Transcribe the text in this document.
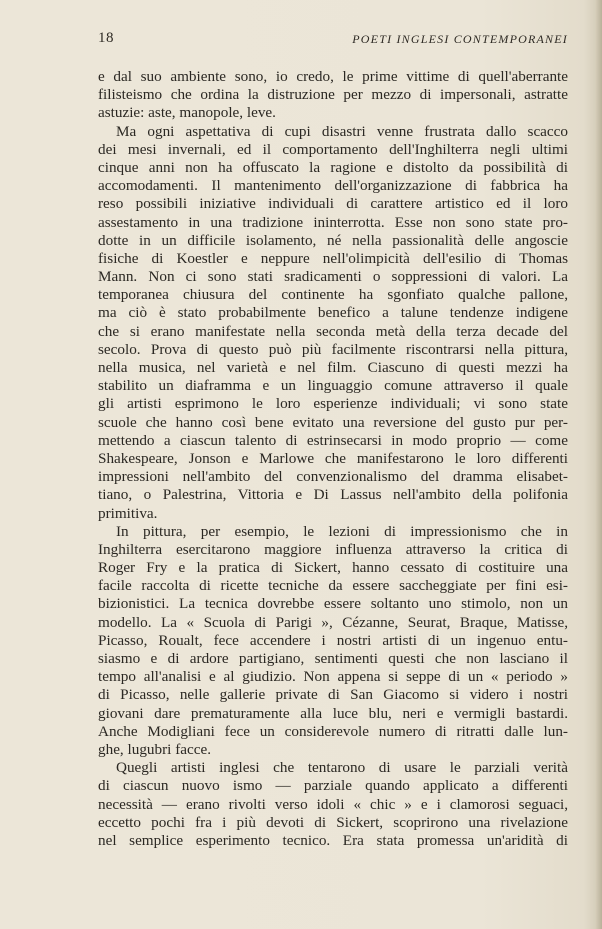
18	POETI INGLESI CONTEMPORANEI
e dal suo ambiente sono, io credo, le prime vittime di quell'aberrante
filisteismo che ordina la distruzione per mezzo di impersonali, astratte
astuzie: aste, manopole, leve.
Ma ogni aspettativa di cupi disastri venne frustrata dallo scacco
dei mesi invernali, ed il comportamento dell'Inghilterra negli ultimi
cinque anni non ha offuscato la ragione e distolto da possibilità di
accomodamenti. Il mantenimento dell'organizzazione di fabbrica ha
reso possibili iniziative individuali di carattere artistico ed il loro
assestamento in una tradizione ininterrotta. Esse non sono state pro-
dotte in un difficile isolamento, né nella passionalità delle angoscie
fisiche di Koestler e neppure nell'olimpicità dell'esilio di Thomas
Mann. Non ci sono stati sradicamenti o soppressioni di valori. La
temporanea chiusura del continente ha sgonfiato qualche pallone,
ma ciò è stato probabilmente benefico a talune tendenze indigene
che si erano manifestate nella seconda metà della terza decade del
secolo. Prova di questo può più facilmente riscontrarsi nella pittura,
nella musica, nel varietà e nel film. Ciascuno di questi mezzi ha
stabilito un diaframma e un linguaggio comune attraverso il quale
gli artisti esprimono le loro esperienze individuali; vi sono state
scuole che hanno così bene evitato una reversione del gusto pur per-
mettendo a ciascun talento di estrinsecarsi in modo proprio — come
Shakespeare, Jonson e Marlowe che manifestarono le loro differenti
impressioni nell'ambito del convenzionalismo del dramma elisabet-
tiano, o Palestrina, Vittoria e Di Lassus nell'ambito della polifonia
primitiva.
In pittura, per esempio, le lezioni di impressionismo che in
Inghilterra esercitarono maggiore influenza attraverso la critica di
Roger Fry e la pratica di Sickert, hanno cessato di costituire una
facile raccolta di ricette tecniche da essere saccheggiate per fini esi-
bizionistici. La tecnica dovrebbe essere soltanto uno stimolo, non un
modello. La « Scuola di Parigi », Cézanne, Seurat, Braque, Matisse,
Picasso, Roualt, fece accendere i nostri artisti di un ingenuo entu-
siasmo e di ardore partigiano, sentimenti questi che non lasciano il
tempo all'analisi e al giudizio. Non appena si seppe di un « periodo »
di Picasso, nelle gallerie private di San Giacomo si videro i nostri
giovani dare prematuramente alla luce blu, neri e vermigli bastardi.
Anche Modigliani fece un considerevole numero di ritratti dalle lun-
ghe, lugubri facce.
Quegli artisti inglesi che tentarono di usare le parziali verità
di ciascun nuovo ismo — parziale quando applicato a differenti
necessità — erano rivolti verso idoli « chic » e i clamorosi seguaci,
eccetto pochi fra i più devoti di Sickert, scoprirono una rivelazione
nel semplice esperimento tecnico. Era stata promessa un'aridità di
